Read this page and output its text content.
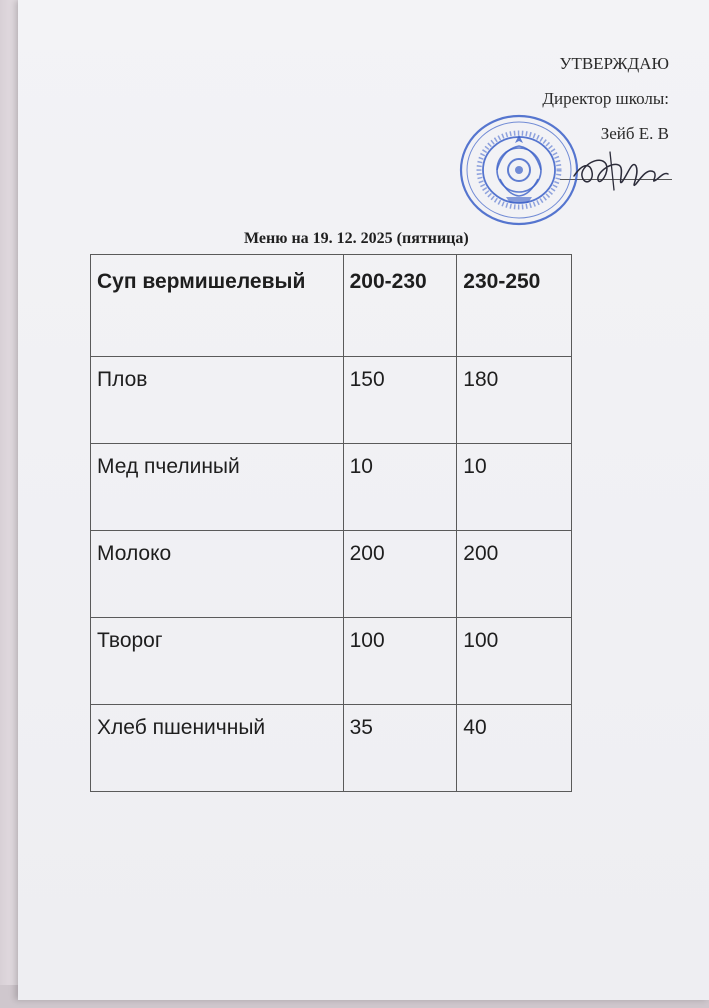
УТВЕРЖДАЮ
Директор школы:
Зейб Е. В
Меню на 19. 12. 2025 (пятница)
Суп вермишелевый	200-230	230-250
Плов	150	180
Мед пчелиный	10	10
Молоко	200	200
Творог	100	100
Хлеб пшеничный	35	40
